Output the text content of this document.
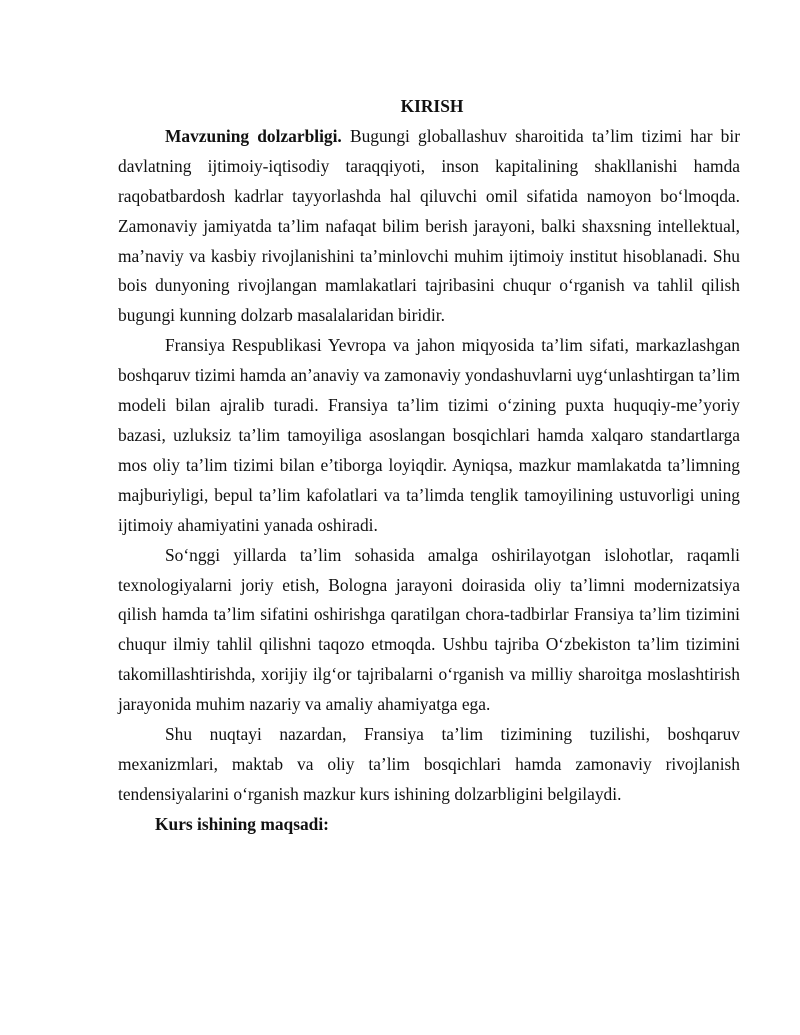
KIRISH

Mavzuning dolzarbligi. Bugungi globallashuv sharoitida ta’lim tizimi har bir davlatning ijtimoiy-iqtisodiy taraqqiyoti, inson kapitalining shakllanishi hamda raqobatbardosh kadrlar tayyorlashda hal qiluvchi omil sifatida namoyon bo‘lmoqda. Zamonaviy jamiyatda ta’lim nafaqat bilim berish jarayoni, balki shaxsning intellektual, ma’naviy va kasbiy rivojlanishini ta’minlovchi muhim ijtimoiy institut hisoblanadi. Shu bois dunyoning rivojlangan mamlakatlari tajribasini chuqur o‘rganish va tahlil qilish bugungi kunning dolzarb masalalaridan biridir.

Fransiya Respublikasi Yevropa va jahon miqyosida ta’lim sifati, markazlashgan boshqaruv tizimi hamda an’anaviy va zamonaviy yondashuvlarni uyg‘unlashtirgan ta’lim modeli bilan ajralib turadi. Fransiya ta’lim tizimi o‘zining puxta huquqiy-me’yoriy bazasi, uzluksiz ta’lim tamoyiliga asoslangan bosqichlari hamda xalqaro standartlarga mos oliy ta’lim tizimi bilan e’tiborga loyiqdir. Ayniqsa, mazkur mamlakatda ta’limning majburiyligi, bepul ta’lim kafolatlari va ta’limda tenglik tamoyilining ustuvorligi uning ijtimoiy ahamiyatini yanada oshiradi.

So‘nggi yillarda ta’lim sohasida amalga oshirilayotgan islohotlar, raqamli texnologiyalarni joriy etish, Bologna jarayoni doirasida oliy ta’limni modernizatsiya qilish hamda ta’lim sifatini oshirishga qaratilgan chora-tadbirlar Fransiya ta’lim tizimini chuqur ilmiy tahlil qilishni taqozo etmoqda. Ushbu tajriba O‘zbekiston ta’lim tizimini takomillashtirishda, xorijiy ilg‘or tajribalarni o‘rganish va milliy sharoitga moslashtirish jarayonida muhim nazariy va amaliy ahamiyatga ega.

Shu nuqtayi nazardan, Fransiya ta’lim tizimining tuzilishi, boshqaruv mexanizmlari, maktab va oliy ta’lim bosqichlari hamda zamonaviy rivojlanish tendensiyalarini o‘rganish mazkur kurs ishining dolzarbligini belgilaydi.

Kurs ishining maqsadi:
